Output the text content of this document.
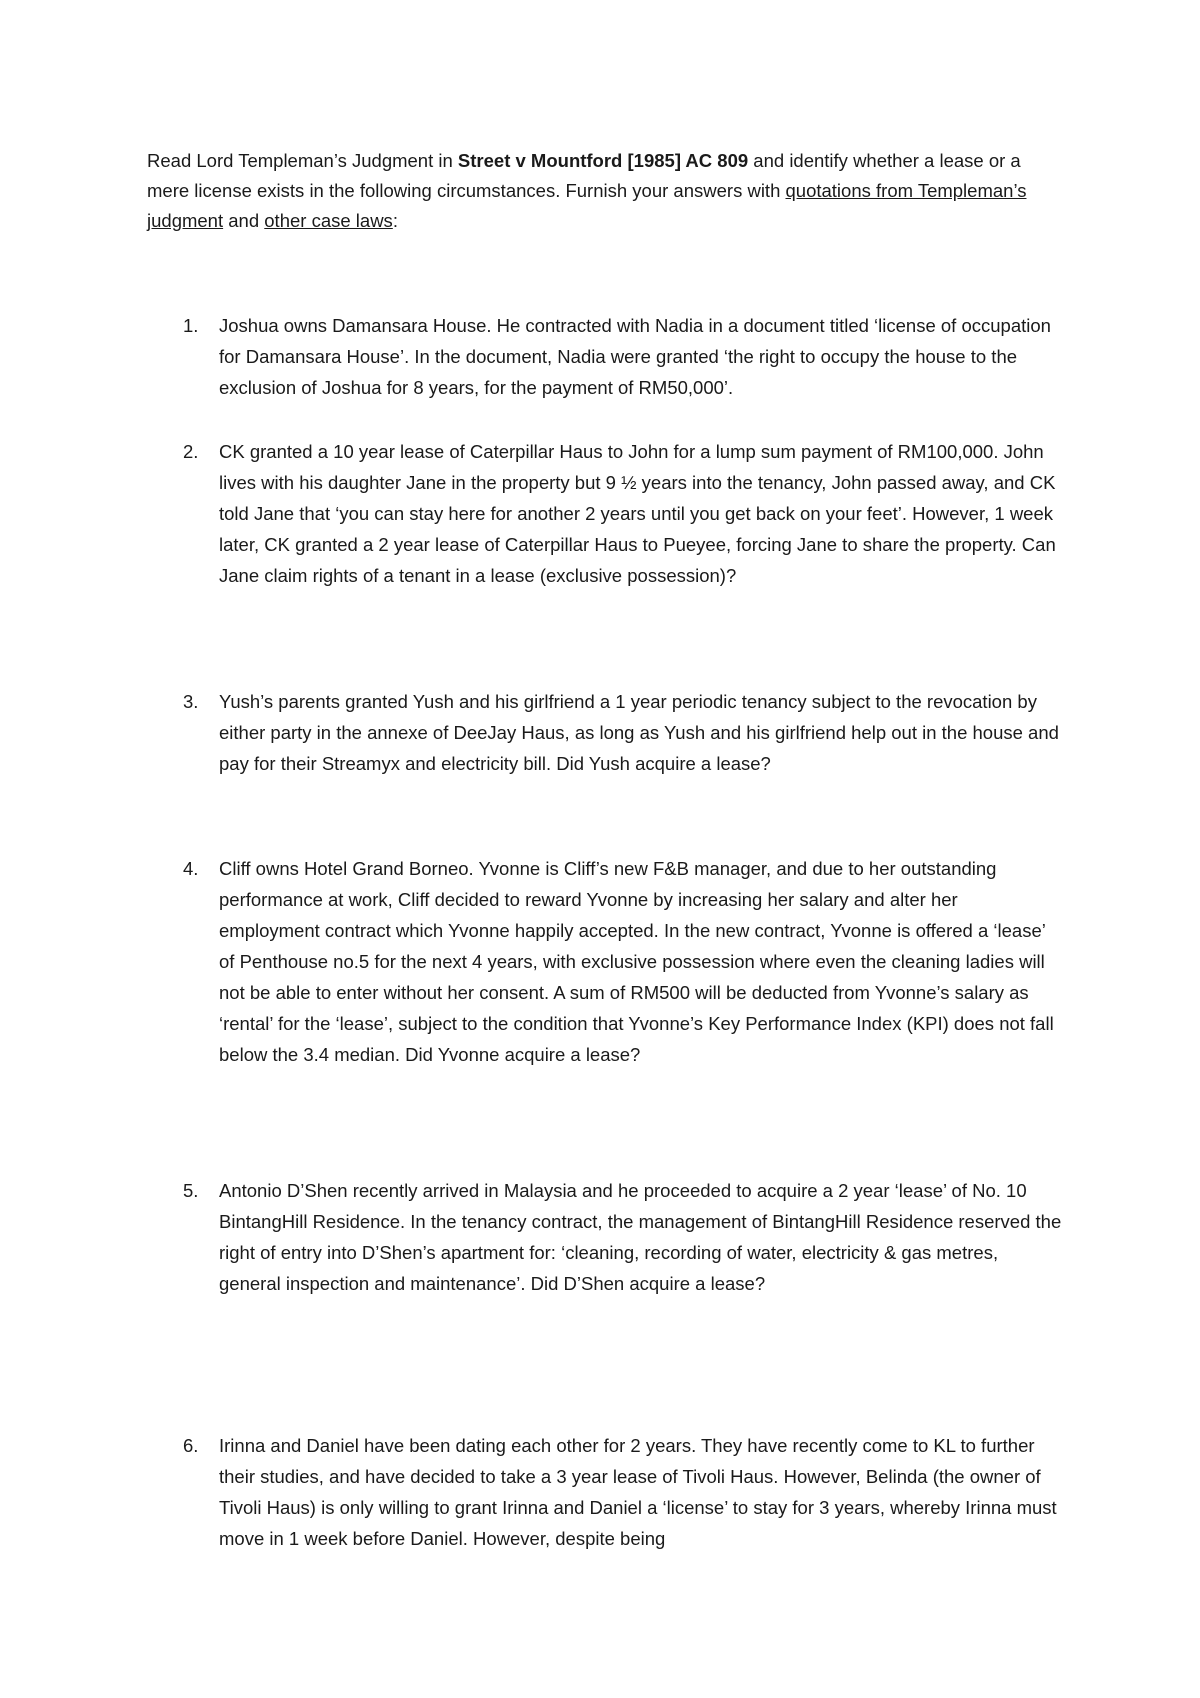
Read Lord Templeman’s Judgment in Street v Mountford [1985] AC 809 and identify whether a lease or a mere license exists in the following circumstances. Furnish your answers with quotations from Templeman’s judgment and other case laws:

1.	Joshua owns Damansara House. He contracted with Nadia in a document titled ‘license of occupation for Damansara House’. In the document, Nadia were granted ‘the right to occupy the house to the exclusion of Joshua for 8 years, for the payment of RM50,000’.
2.	CK granted a 10 year lease of Caterpillar Haus to John for a lump sum payment of RM100,000. John lives with his daughter Jane in the property but 9 ½ years into the tenancy, John passed away, and CK told Jane that ‘you can stay here for another 2 years until you get back on your feet’. However, 1 week later, CK granted a 2 year lease of Caterpillar Haus to Pueyee, forcing Jane to share the property. Can Jane claim rights of a tenant in a lease (exclusive possession)?
3.	Yush’s parents granted Yush and his girlfriend a 1 year periodic tenancy subject to the revocation by either party in the annexe of DeeJay Haus, as long as Yush and his girlfriend help out in the house and pay for their Streamyx and electricity bill. Did Yush acquire a lease?
4.	Cliff owns Hotel Grand Borneo. Yvonne is Cliff’s new F&B manager, and due to her outstanding performance at work, Cliff decided to reward Yvonne by increasing her salary and alter her employment contract which Yvonne happily accepted. In the new contract, Yvonne is offered a ‘lease’ of Penthouse no.5 for the next 4 years, with exclusive possession where even the cleaning ladies will not be able to enter without her consent. A sum of RM500 will be deducted from Yvonne’s salary as ‘rental’ for the ‘lease’, subject to the condition that Yvonne’s Key Performance Index (KPI) does not fall below the 3.4 median. Did Yvonne acquire a lease?
5.	Antonio D’Shen recently arrived in Malaysia and he proceeded to acquire a 2 year ‘lease’ of No. 10 BintangHill Residence. In the tenancy contract, the management of BintangHill Residence reserved the right of entry into D’Shen’s apartment for: ‘cleaning, recording of water, electricity & gas metres, general inspection and maintenance’. Did D’Shen acquire a lease?
6.	Irinna and Daniel have been dating each other for 2 years. They have recently come to KL to further their studies, and have decided to take a 3 year lease of Tivoli Haus. However, Belinda (the owner of Tivoli Haus) is only willing to grant Irinna and Daniel a ‘license’ to stay for 3 years, whereby Irinna must move in 1 week before Daniel. However, despite being
